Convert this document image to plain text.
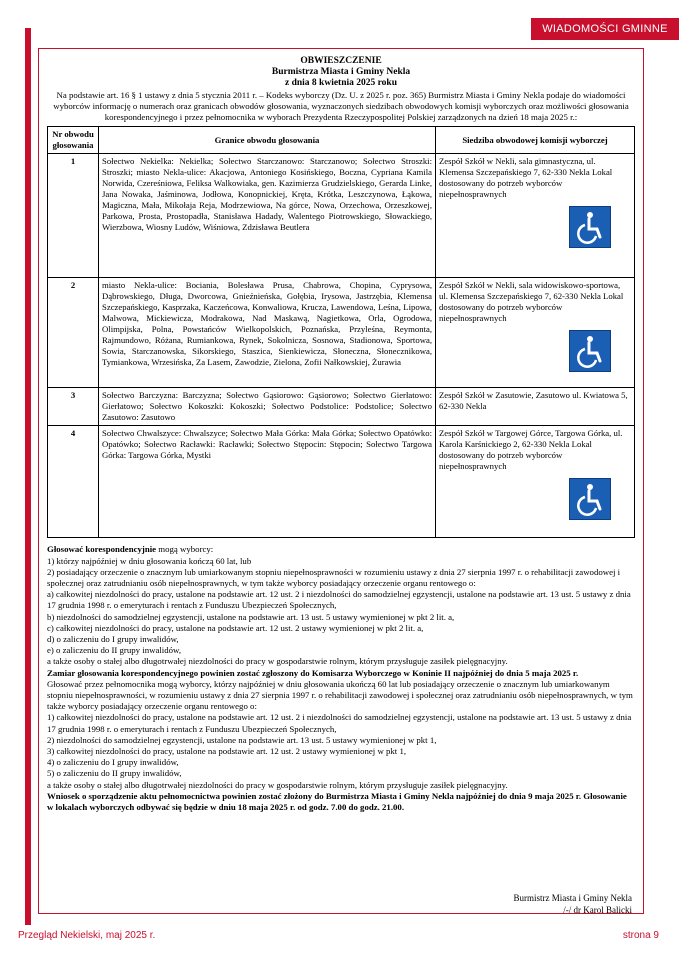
WIADOMOŚCI GMINNE
OBWIESZCZENIE
Burmistrza Miasta i Gminy Nekla
z dnia 8 kwietnia 2025 roku
Na podstawie art. 16 § 1 ustawy z dnia 5 stycznia 2011 r. – Kodeks wyborczy (Dz. U. z 2025 r. poz. 365) Burmistrz Miasta i Gminy Nekla podaje do wiadomości wyborców informację o numerach oraz granicach obwodów głosowania, wyznaczonych siedzibach obwodowych komisji wyborczych oraz możliwości głosowania korespondencyjnego i przez pełnomocnika w wyborach Prezydenta Rzeczypospolitej Polskiej zarządzonych na dzień 18 maja 2025 r.:
Nr obwodu głosowania	Granice obwodu głosowania	Siedziba obwodowej komisji wyborczej
1	Sołectwo Nekielka: Nekielka; Sołectwo Starczanowo: Starczanowo; Sołectwo Stroszki: Stroszki; miasto Nekla-ulice: Akacjowa, Antoniego Kosińskiego, Boczna, Cypriana Kamila Norwida, Czereśniowa, Feliksa Walkowiaka, gen. Kazimierza Grudzielskiego, Gerarda Linke, Jana Nowaka, Jaśminowa, Jodłowa, Konopnickiej, Kręta, Krótka, Leszczynowa, Łąkowa, Magiczna, Mała, Mikołaja Reja, Modrzewiowa, Na górce, Nowa, Orzechowa, Orzeszkowej, Parkowa, Prosta, Prostopadła, Stanisława Hadady, Walentego Piotrowskiego, Słowackiego, Wierzbowa, Wiosny Ludów, Wiśniowa, Zdzisława Beutlera	Zespół Szkół w Nekli, sala gimnastyczna, ul. Klemensa Szczepańskiego 7, 62-330 Nekla Lokal dostosowany do potrzeb wyborców niepełnosprawnych

2	miasto Nekla-ulice: Bociania, Bolesława Prusa, Chabrowa, Chopina, Cyprysowa, Dąbrowskiego, Długa, Dworcowa, Gnieźnieńska, Gołębia, Irysowa, Jastrzębia, Klemensa Szczepańskiego, Kasprzaka, Kaczeńcowa, Konwaliowa, Krucza, Lawendowa, Leśna, Lipowa, Malwowa, Mickiewicza, Modrakowa, Nad Maskawą, Nagietkowa, Orla, Ogrodowa, Olimpijska, Polna, Powstańców Wielkopolskich, Poznańska, Przyleśna, Reymonta, Rajmundowo, Różana, Rumiankowa, Rynek, Sokolnicza, Sosnowa, Stadionowa, Sportowa, Sowia, Starczanowska, Sikorskiego, Staszica, Sienkiewicza, Słoneczna, Słonecznikowa, Tymiankowa, Wrzesińska, Za Lasem, Zawodzie, Zielona, Zofii Nałkowskiej, Żurawia	Zespół Szkół w Nekli, sala widowiskowo-sportowa, ul. Klemensa Szczepańskiego 7, 62-330 Nekla Lokal dostosowany do potrzeb wyborców niepełnosprawnych

3	Sołectwo Barczyzna: Barczyzna; Sołectwo Gąsiorowo: Gąsiorowo; Sołectwo Gierłatowo: Gierłatowo; Sołectwo Kokoszki: Kokoszki; Sołectwo Podstolice: Podstolice; Sołectwo Zasutowo: Zasutowo	Zespół Szkół w Zasutowie, Zasutowo ul. Kwiatowa 5, 62-330 Nekla

4	Sołectwo Chwalszyce: Chwalszyce; Sołectwo Mała Górka: Mała Górka; Sołectwo Opatówko: Opatówko; Sołectwo Racławki: Racławki; Sołectwo Stępocin: Stępocin; Sołectwo Targowa Górka: Targowa Górka, Mystki	Zespół Szkół w Targowej Górce, Targowa Górka, ul. Karola Karśnickiego 2, 62-330 Nekla Lokal dostosowany do potrzeb wyborców niepełnosprawnych

Głosować korespondencyjnie mogą wyborcy:

1) którzy najpóźniej w dniu głosowania kończą 60 lat, lub

2) posiadający orzeczenie o znacznym lub umiarkowanym stopniu niepełnosprawności w rozumieniu ustawy z dnia 27 sierpnia 1997 r. o rehabilitacji zawodowej i społecznej oraz zatrudnianiu osób niepełnosprawnych, w tym także wyborcy posiadający orzeczenie organu rentowego o:

a) całkowitej niezdolności do pracy, ustalone na podstawie art. 12 ust. 2 i niezdolności do samodzielnej egzystencji, ustalone na podstawie art. 13 ust. 5 ustawy z dnia 17 grudnia 1998 r. o emeryturach i rentach z Funduszu Ubezpieczeń Społecznych,

b) niezdolności do samodzielnej egzystencji, ustalone na podstawie art. 13 ust. 5 ustawy wymienionej w pkt 2 lit. a,

c) całkowitej niezdolności do pracy, ustalone na podstawie art. 12 ust. 2 ustawy wymienionej w pkt 2 lit. a,

d) o zaliczeniu do I grupy inwalidów,

e) o zaliczeniu do II grupy inwalidów,

a także osoby o stałej albo długotrwałej niezdolności do pracy w gospodarstwie rolnym, którym przysługuje zasiłek pielęgnacyjny.

Zamiar głosowania korespondencyjnego powinien zostać zgłoszony do Komisarza Wyborczego w Koninie II najpóźniej do dnia 5 maja 2025 r.

Głosować przez pełnomocnika mogą wyborcy, którzy najpóźniej w dniu głosowania ukończą 60 lat lub posiadający orzeczenie o znacznym lub umiarkowanym stopniu niepełnosprawności, w rozumieniu ustawy z dnia 27 sierpnia 1997 r. o rehabilitacji zawodowej i społecznej oraz zatrudnianiu osób niepełnosprawnych, w tym także wyborcy posiadający orzeczenie organu rentowego o:

1) całkowitej niezdolności do pracy, ustalone na podstawie art. 12 ust. 2 i niezdolności do samodzielnej egzystencji, ustalone na podstawie art. 13 ust. 5 ustawy z dnia 17 grudnia 1998 r. o emeryturach i rentach z Funduszu Ubezpieczeń Społecznych,

2) niezdolności do samodzielnej egzystencji, ustalone na podstawie art. 13 ust. 5 ustawy wymienionej w pkt 1,

3) całkowitej niezdolności do pracy, ustalone na podstawie art. 12 ust. 2 ustawy wymienionej w pkt 1,

4) o zaliczeniu do I grupy inwalidów,

5) o zaliczeniu do II grupy inwalidów,

a także osoby o stałej albo długotrwałej niezdolności do pracy w gospodarstwie rolnym, którym przysługuje zasiłek pielęgnacyjny.

Wniosek o sporządzenie aktu pełnomocnictwa powinien zostać złożony do Burmistrza Miasta i Gminy Nekla najpóźniej do dnia 9 maja 2025 r. Głosowanie w lokalach wyborczych odbywać się będzie w dniu 18 maja 2025 r. od godz. 7.00 do godz. 21.00.

Burmistrz Miasta i Gminy Nekla
/-/ dr Karol Balicki
Przegląd Nekielski, maj 2025 r.	strona 9
